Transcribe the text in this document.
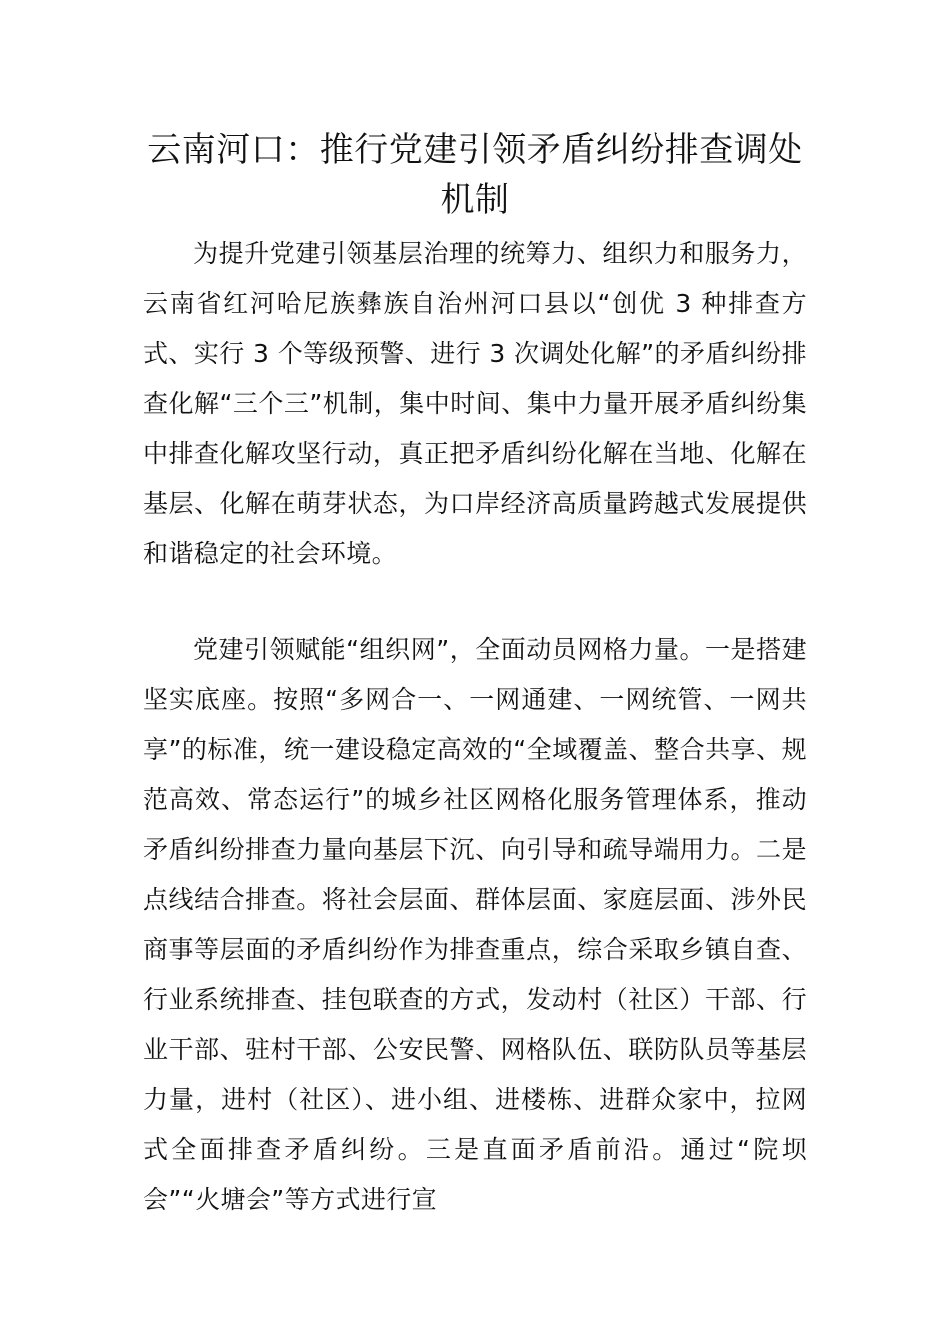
云南河口：推行党建引领矛盾纠纷排查调处机制

为提升党建引领基层治理的统筹力、组织力和服务力，云南省红河哈尼族彝族自治州河口县以“创优 3 种排查方式、实行 3 个等级预警、进行 3 次调处化解”的矛盾纠纷排查化解“三个三”机制，集中时间、集中力量开展矛盾纠纷集中排查化解攻坚行动，真正把矛盾纠纷化解在当地、化解在基层、化解在萌芽状态，为口岸经济高质量跨越式发展提供和谐稳定的社会环境。

党建引领赋能“组织网”，全面动员网格力量。一是搭建坚实底座。按照“多网合一、一网通建、一网统管、一网共享”的标准，统一建设稳定高效的“全域覆盖、整合共享、规范高效、常态运行”的城乡社区网格化服务管理体系，推动矛盾纠纷排查力量向基层下沉、向引导和疏导端用力。二是点线结合排查。将社会层面、群体层面、家庭层面、涉外民商事等层面的矛盾纠纷作为排查重点，综合采取乡镇自查、行业系统排查、挂包联查的方式，发动村（社区）干部、行业干部、驻村干部、公安民警、网格队伍、联防队员等基层力量，进村（社区）、进小组、进楼栋、进群众家中，拉网式全面排查矛盾纠纷。三是直面矛盾前沿。通过“院坝会”“火塘会”等方式进行宣
